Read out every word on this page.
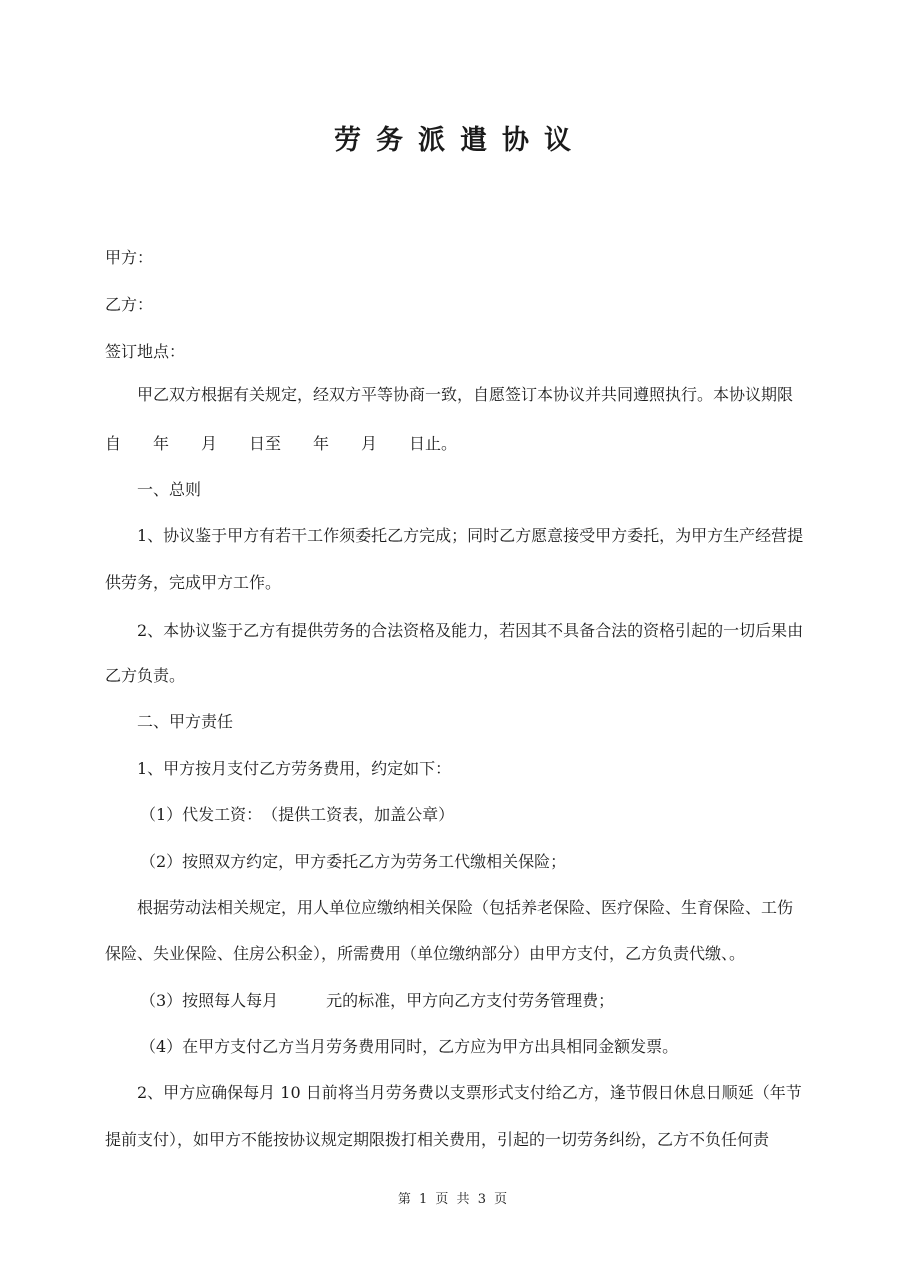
劳务派遣协议
甲方：
乙方：
签订地点：
甲乙双方根据有关规定，经双方平等协商一致，自愿签订本协议并共同遵照执行。本协议期限
自　　年　　月　　日至　　年　　月　　日止。
一、总则
1、协议鉴于甲方有若干工作须委托乙方完成；同时乙方愿意接受甲方委托，为甲方生产经营提
供劳务，完成甲方工作。
2、本协议鉴于乙方有提供劳务的合法资格及能力，若因其不具备合法的资格引起的一切后果由
乙方负责。
二、甲方责任
1、甲方按月支付乙方劳务费用，约定如下：
（1）代发工资：　（提供工资表，加盖公章）
（2）按照双方约定，甲方委托乙方为劳务工代缴相关保险；
根据劳动法相关规定，用人单位应缴纳相关保险（包括养老保险、医疗保险、生育保险、工伤
保险、失业保险、住房公积金），所需费用（单位缴纳部分）由甲方支付，乙方负责代缴、。
（3）按照每人每月　　　元的标准，甲方向乙方支付劳务管理费；
（4）在甲方支付乙方当月劳务费用同时，乙方应为甲方出具相同金额发票。
2、甲方应确保每月 10 日前将当月劳务费以支票形式支付给乙方，逢节假日休息日顺延（年节
提前支付），如甲方不能按协议规定期限拨打相关费用，引起的一切劳务纠纷，乙方不负任何责
第 1 页 共 3 页
